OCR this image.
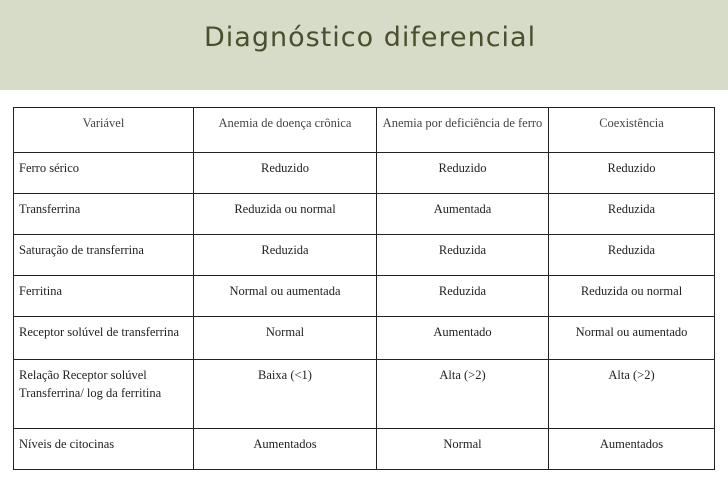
Diagnóstico diferencial
Variável	Anemia de doença crônica	Anemia por deficiência de ferro	Coexistência
Ferro sérico	Reduzido	Reduzido	Reduzido
Transferrina	Reduzida ou normal	Aumentada	Reduzida
Saturação de transferrina	Reduzida	Reduzida	Reduzida
Ferritina	Normal ou aumentada	Reduzida	Reduzida ou normal
Receptor solúvel de transferrina	Normal	Aumentado	Normal ou aumentado
Relação Receptor solúvel Transferrina/ log da ferritina	Baixa (<1)	Alta (>2)	Alta (>2)
Níveis de citocinas	Aumentados	Normal	Aumentados
